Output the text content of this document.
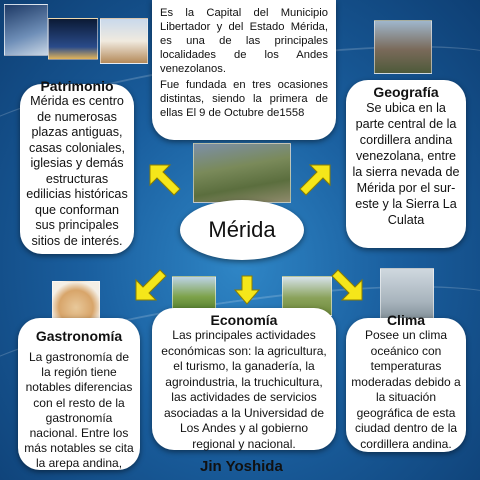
Es la Capital del Municipio Libertador y del Estado Mérida, es una de las principales localidades de los Andes venezolanos.
Fue fundada en tres ocasiones distintas, siendo la primera de ellas El 9 de Octubre de1558
Patrimonio
Mérida es centro de numerosas plazas antiguas, casas coloniales, iglesias y demás estructuras edilicias históricas que conforman sus principales sitios de interés.
Geografía
Se ubica en la parte central de la cordillera andina venezolana, entre la sierra nevada de Mérida por el sur-este y la Sierra La Culata
Mérida
Gastronomía
La gastronomía de la región tiene notables diferencias con el resto de la gastronomía nacional. Entre los más notables se cita la arepa andina,
Economía
Las principales actividades económicas son: la agricultura, el turismo, la ganadería, la agroindustria, la truchicultura, las actividades de servicios asociadas a la Universidad de Los Andes y al gobierno regional y nacional.
Clima
Posee un clima oceánico con temperaturas moderadas debido a la situación geográfica de esta ciudad dentro de la cordillera andina.
Jin Yoshida
